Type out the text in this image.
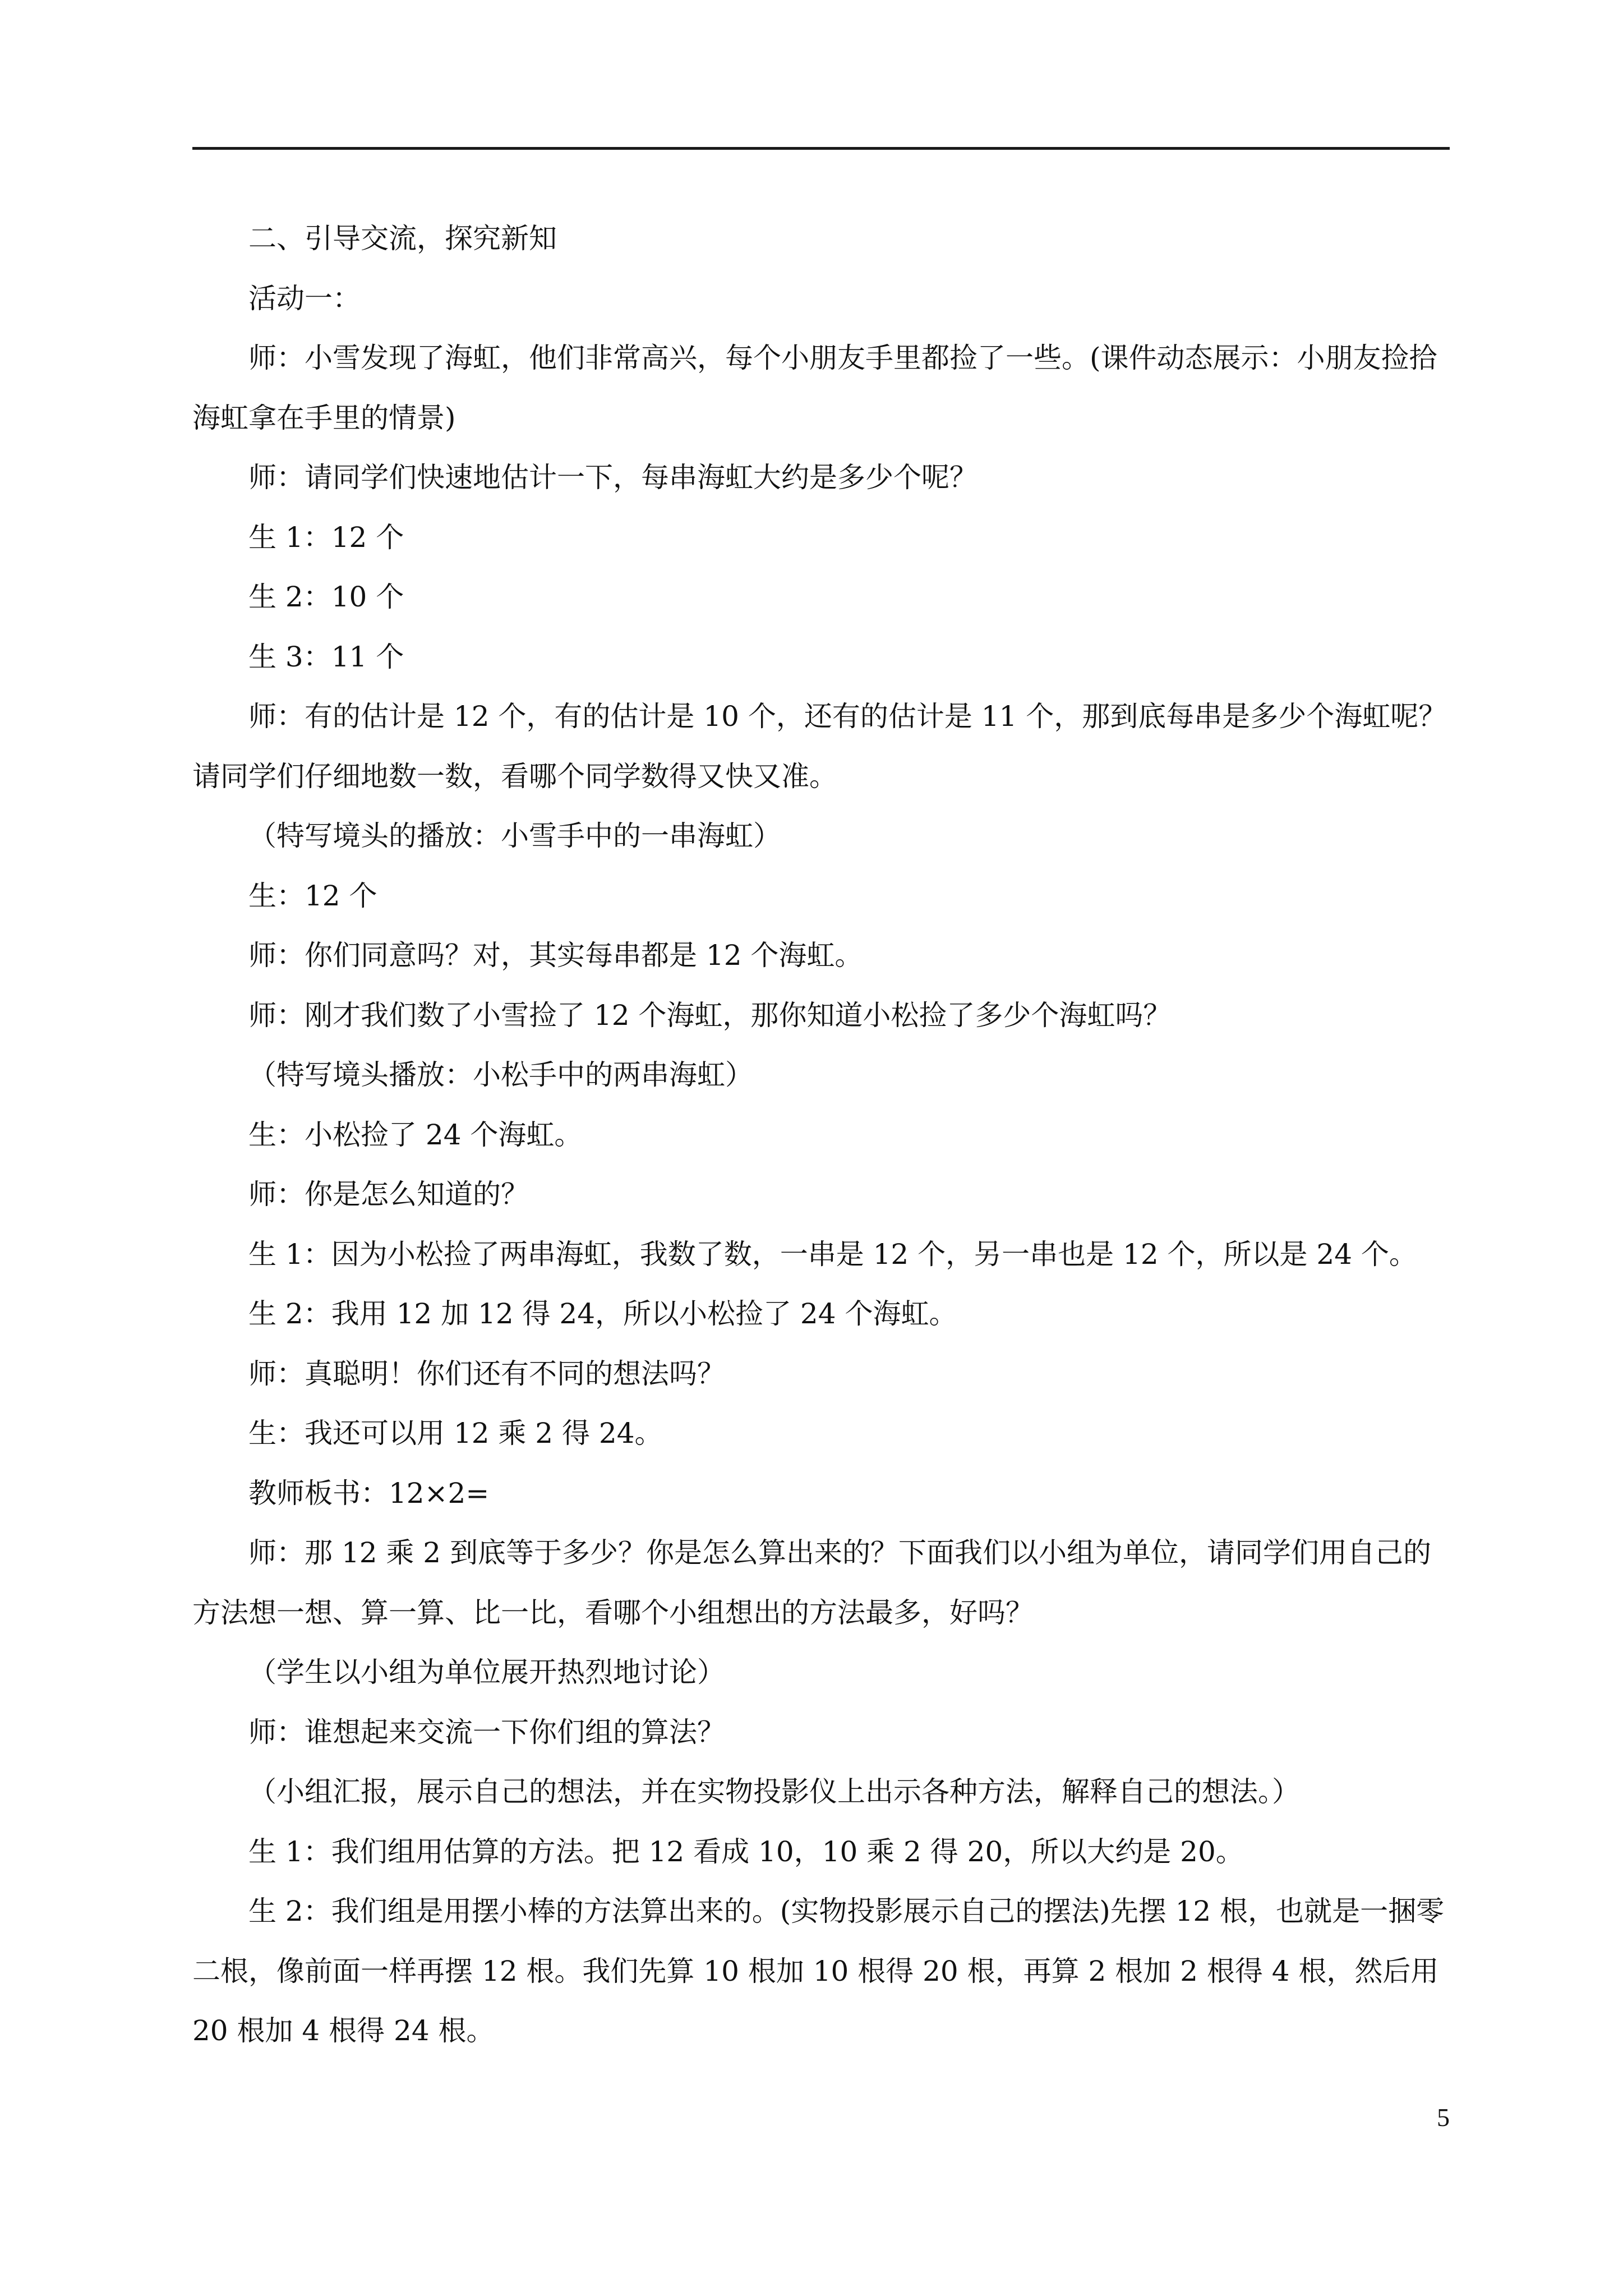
二、引导交流，探究新知

活动一：

师：小雪发现了海虹，他们非常高兴，每个小朋友手里都捡了一些。(课件动态展示：小朋友捡拾海虹拿在手里的情景)

师：请同学们快速地估计一下，每串海虹大约是多少个呢？

生 1：12 个

生 2：10 个

生 3：11 个

师：有的估计是 12 个，有的估计是 10 个，还有的估计是 11 个，那到底每串是多少个海虹呢？请同学们仔细地数一数，看哪个同学数得又快又准。

（特写境头的播放：小雪手中的一串海虹）

生：12 个

师：你们同意吗？对，其实每串都是 12 个海虹。

师：刚才我们数了小雪捡了 12 个海虹，那你知道小松捡了多少个海虹吗？

（特写境头播放：小松手中的两串海虹）

生：小松捡了 24 个海虹。

师：你是怎么知道的？

生 1：因为小松捡了两串海虹，我数了数，一串是 12 个，另一串也是 12 个，所以是 24 个。

生 2：我用 12 加 12 得 24，所以小松捡了 24 个海虹。

师：真聪明！你们还有不同的想法吗？

生：我还可以用 12 乘 2 得 24。

教师板书：12×2=

师：那 12 乘 2 到底等于多少？你是怎么算出来的？下面我们以小组为单位，请同学们用自己的方法想一想、算一算、比一比，看哪个小组想出的方法最多，好吗？

（学生以小组为单位展开热烈地讨论）

师：谁想起来交流一下你们组的算法？

（小组汇报，展示自己的想法，并在实物投影仪上出示各种方法，解释自己的想法。）

生 1：我们组用估算的方法。把 12 看成 10，10 乘 2 得 20，所以大约是 20。

生 2：我们组是用摆小棒的方法算出来的。(实物投影展示自己的摆法)先摆 12 根，也就是一捆零二根，像前面一样再摆 12 根。我们先算 10 根加 10 根得 20 根，再算 2 根加 2 根得 4 根，然后用 20 根加 4 根得 24 根。

5
